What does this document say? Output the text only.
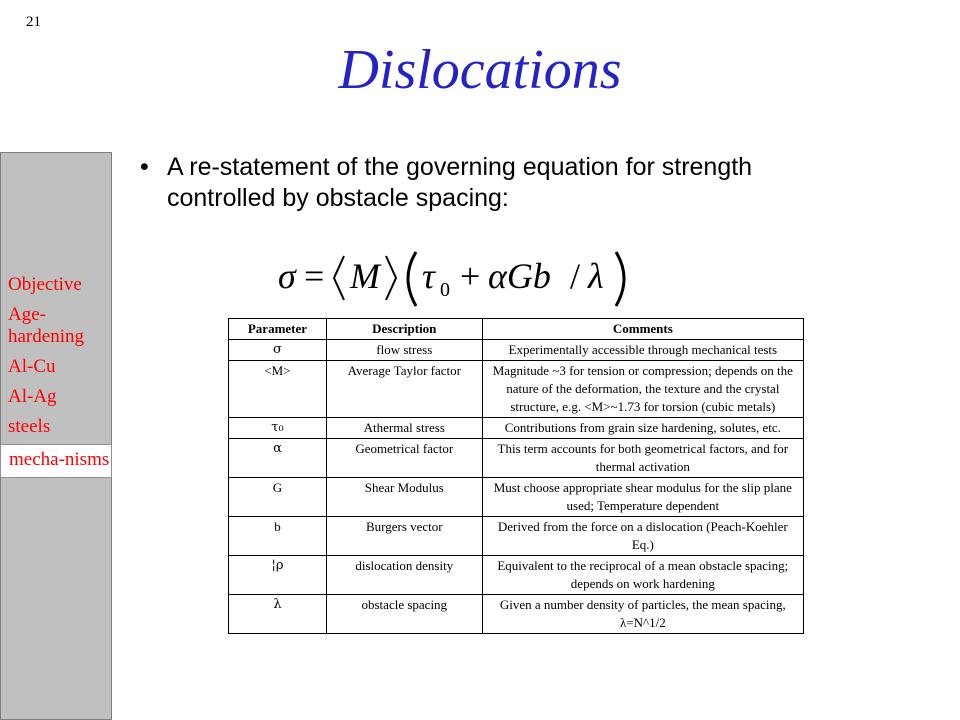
21
Dislocations
Objective
Age-hardening
Al-Cu
Al-Ag
steels
mecha-nisms
• A re-statement of the governing equation for strength controlled by obstacle spacing:
σ = M τ 0 + αGb / λ
Parameter	Description	Comments
σ	flow stress	Experimentally accessible through mechanical tests
<M>	Average Taylor factor	Magnitude ~3 for tension or compression; depends on the nature of the deformation, the texture and the crystal structure, e.g. <M>~1.73 for torsion (cubic metals)
τ₀	Athermal stress	Contributions from grain size hardening, solutes, etc.
α	Geometrical factor	This term accounts for both geometrical factors, and for thermal activation
G	Shear Modulus	Must choose appropriate shear modulus for the slip plane used; Temperature dependent
b	Burgers vector	Derived from the force on a dislocation (Peach-Koehler Eq.)
¦ρ	dislocation density	Equivalent to the reciprocal of a mean obstacle spacing; depends on work hardening
λ	obstacle spacing	Given a number density of particles, the mean spacing, λ=N^1/2
